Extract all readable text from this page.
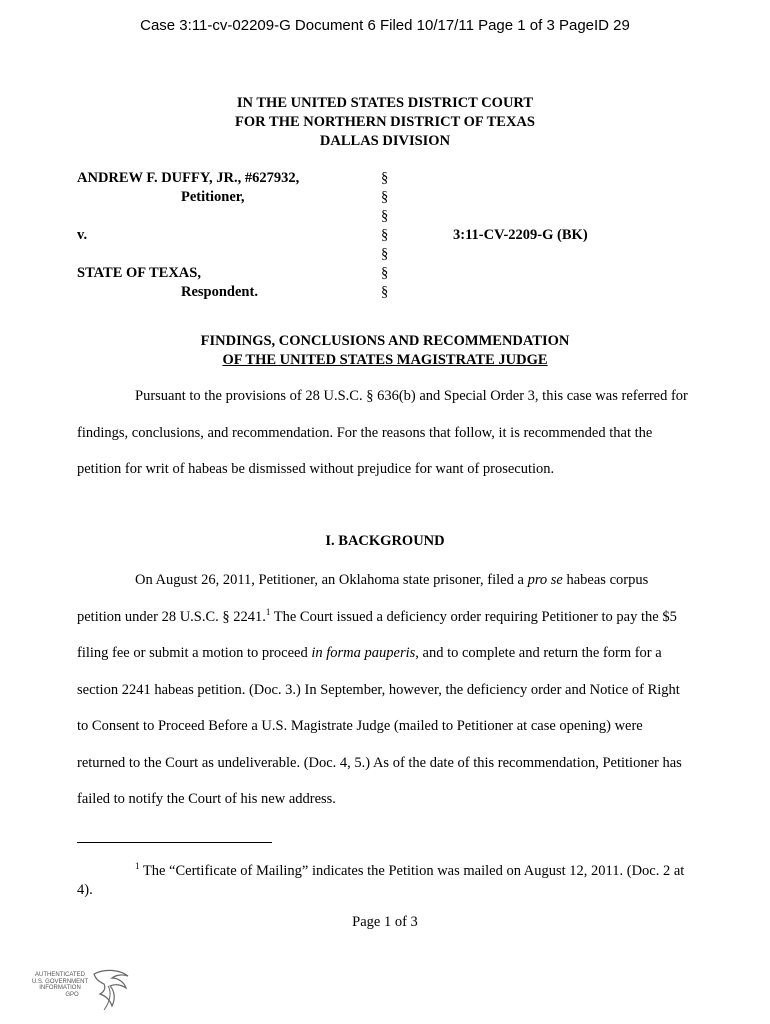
Case 3:11-cv-02209-G Document 6 Filed 10/17/11 Page 1 of 3 PageID 29
IN THE UNITED STATES DISTRICT COURT
FOR THE NORTHERN DISTRICT OF TEXAS
DALLAS DIVISION
ANDREW F. DUFFY, JR., #627932,
Petitioner,
v.	3:11-CV-2209-G (BK)
STATE OF TEXAS,
Respondent.
§
§
§
§
§
§
§
FINDINGS, CONCLUSIONS AND RECOMMENDATION
OF THE UNITED STATES MAGISTRATE JUDGE
Pursuant to the provisions of 28 U.S.C. § 636(b) and Special Order 3, this case was referred for findings, conclusions, and recommendation. For the reasons that follow, it is recommended that the petition for writ of habeas be dismissed without prejudice for want of prosecution.
I. BACKGROUND
On August 26, 2011, Petitioner, an Oklahoma state prisoner, filed a pro se habeas corpus petition under 28 U.S.C. § 2241.$^1$ The Court issued a deficiency order requiring Petitioner to pay the $5 filing fee or submit a motion to proceed in forma pauperis, and to complete and return the form for a section 2241 habeas petition. (Doc. 3.) In September, however, the deficiency order and Notice of Right to Consent to Proceed Before a U.S. Magistrate Judge (mailed to Petitioner at case opening) were returned to the Court as undeliverable. (Doc. 4, 5.) As of the date of this recommendation, Petitioner has failed to notify the Court of his new address.
$^1$ The “Certificate of Mailing” indicates the Petition was mailed on August 12, 2011. (Doc. 2 at 4).
Page 1 of 3
AUTHENTICATED
U.S. GOVERNMENT
INFORMATION
GPO
